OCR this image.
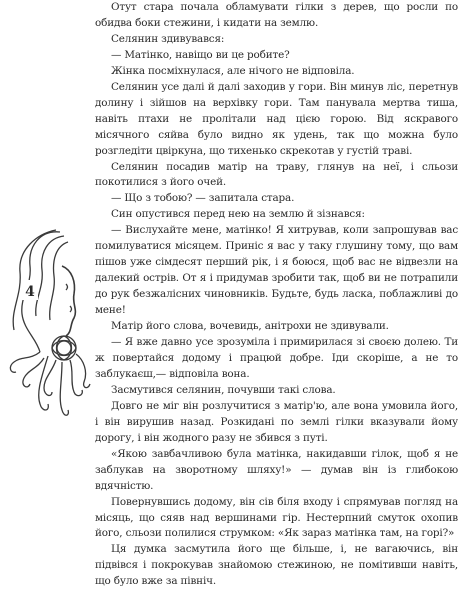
4

Отут стара почала обламувати гілки з дерев, що росли по обидва боки стежини, і кидати на землю.

Селянин здивувався:

— Матінко, навіщо ви це робите?

Жінка посміхнулася, але нічого не відповіла.

Селянин усе далі й далі заходив у гори. Він минув ліс, перетнув долину і зійшов на верхівку гори. Там панувала мертва тиша, навіть птахи не пролітали над цією горою. Від яскравого місячного сяйва було видно як удень, так що можна було розгледіти цвіркуна, що тихенько скрекотав у густій траві.

Селянин посадив матір на траву, глянув на неї, і сльози покотилися з його очей.

— Що з тобою? — запитала стара.

Син опустився перед нею на землю й зізнався:

— Вислухайте мене, матінко! Я хитрував, коли запрошував вас помилуватися місяцем. Приніс я вас у таку глушину тому, що вам пішов уже сімдесят перший рік, і я боюся, щоб вас не відвезли на далекий острів. От я і придумав зробити так, щоб ви не потрапили до рук безжалісних чиновників. Будьте, будь ласка, поблажливі до мене!

Матір його слова, вочевидь, анітрохи не здивували.

— Я вже давно усе зрозуміла і примирилася зі своєю долею. Ти ж повертайся додому і працюй добре. Іди скоріше, а не то заблукаєш,— відповіла вона.

Засмутився селянин, почувши такі слова.

Довго не міг він розлучитися з матір'ю, але вона умовила його, і він вирушив назад. Розкидані по землі гілки вказували йому дорогу, і він жодного разу не збився з путі.

«Якою завбачливою була матінка, накидавши гілок, щоб я не заблукав на зворотному шляху!» — думав він із глибокою вдячністю.

Повернувшись додому, він сів біля входу і спрямував погляд на місяць, що сяяв над вершинами гір. Нестерпний смуток охопив його, сльози полилися струмком: «Як зараз матінка там, на горі?»

Ця думка засмутила його ще більше, і, не вагаючись, він підвівся і покрокував знайомою стежиною, не помітивши навіть, що було вже за північ.
